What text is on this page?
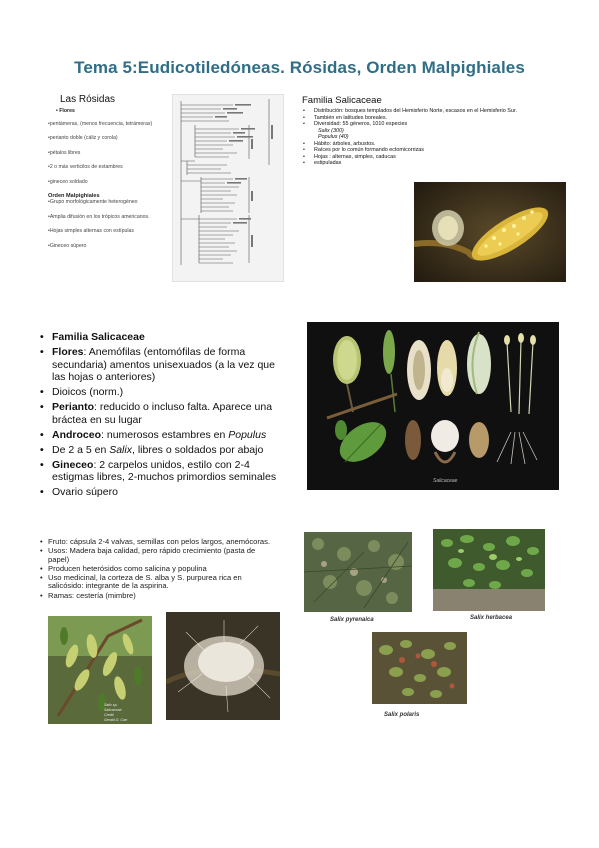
Tema 5:Eudicotiledóneas. Rósidas, Orden Malpighiales
Las Rósidas
• Flores
•pentámeras, (menos frecuencia, tetrámeras)
•perianto doble (cáliz y corola)
•pétalos libres
•2 o más verticilos de estambres
•gineceo soldado
Orden Malpighiales
•Grupo morfológicamente heterogéneo
•Amplia difusión en los trópicos americanos.
•Hojas simples alternas con estípulas
•Gineceo súpero
Familia Salicaceae
• Distribución: bosques templados del Hemisferio Norte, escasos en el Hemisferio Sur.
• También en latitudes boreales.
• Diversidad: 55 géneros, 1010 especies
Salix (300)
Populus (40)
• Hábito: árboles, arbustos.
• Raíces por lo común formando ectomicorrizas
• Hojas : alternas, simples, caducas
• estipuladas
• Familia Salicaceae
• Flores: Anemófilas (entomófilas de forma secundaria) amentos unisexuados (a la vez que las hojas o anteriores)
• Dioicos (norm.)
• Perianto: reducido o incluso falta. Aparece una bráctea en su lugar
• Androceo: numerosos estambres en Populus
• De 2 a 5 en Salix, libres o soldados por abajo
• Gineceo: 2 carpelos unidos, estilo con 2-4 estigmas libres, 2-muchos primordios seminales
• Ovario súpero
Salicaceae
• Fruto: cápsula 2-4 valvas, semillas con pelos largos, anemócoras.
• Usos: Madera baja calidad, pero rápido crecimiento (pasta de papel)
• Producen heterósidos como salicina y populina
• Uso medicinal, la corteza de S. alba y S. purpurea rica en salicósido: integrante de la aspirina.
• Ramas: cestería (mimbre)
Salix sp.
Salicaceae
Credit
Gerald D. Carr
Salix pyrenaica	Salix herbacea
Salix polaris
